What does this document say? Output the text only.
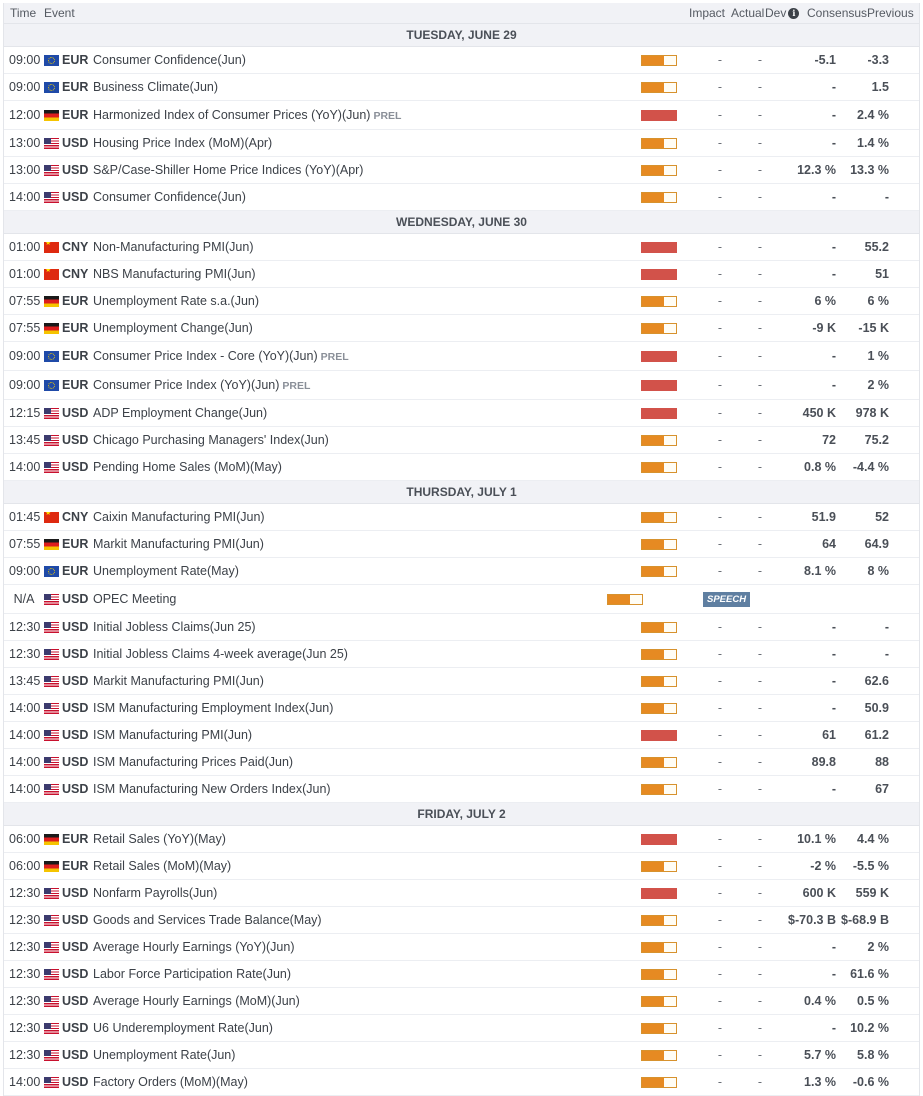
Time Event	Impact Actual Dev i Consensus Previous
TUESDAY, JUNE 29
09:00 EUR Consumer Confidence(Jun)	-	-	-5.1	-3.3
09:00 EUR Business Climate(Jun)	-	-	-	1.5
12:00 EUR Harmonized Index of Consumer Prices (YoY)(Jun) PREL	-	-	-	2.4 %
13:00 USD Housing Price Index (MoM)(Apr)	-	-	-	1.4 %
13:00 USD S&P/Case-Shiller Home Price Indices (YoY)(Apr)	-	-	12.3 %	13.3 %
14:00 USD Consumer Confidence(Jun)	-	-	-	-
WEDNESDAY, JUNE 30
01:00 ★ CNY Non-Manufacturing PMI(Jun)	-	-	-	55.2
01:00 ★ CNY NBS Manufacturing PMI(Jun)	-	-	-	51
07:55 EUR Unemployment Rate s.a.(Jun)	-	-	6 %	6 %
07:55 EUR Unemployment Change(Jun)	-	-	-9 K	-15 K
09:00 EUR Consumer Price Index - Core (YoY)(Jun) PREL	-	-	-	1 %
09:00 EUR Consumer Price Index (YoY)(Jun) PREL	-	-	-	2 %
12:15 USD ADP Employment Change(Jun)	-	-	450 K	978 K
13:45 USD Chicago Purchasing Managers' Index(Jun)	-	-	72	75.2
14:00 USD Pending Home Sales (MoM)(May)	-	-	0.8 %	-4.4 %
THURSDAY, JULY 1
01:45 ★ CNY Caixin Manufacturing PMI(Jun)	-	-	51.9	52
07:55 EUR Markit Manufacturing PMI(Jun)	-	-	64	64.9
09:00 EUR Unemployment Rate(May)	-	-	8.1 %	8 %
N/A	USD OPEC Meeting	SPEECH
12:30 USD Initial Jobless Claims(Jun 25)	-	-	-	-
12:30 USD Initial Jobless Claims 4-week average(Jun 25)	-	-	-	-
13:45 USD Markit Manufacturing PMI(Jun)	-	-	-	62.6
14:00 USD ISM Manufacturing Employment Index(Jun)	-	-	-	50.9
14:00 USD ISM Manufacturing PMI(Jun)	-	-	61	61.2
14:00 USD ISM Manufacturing Prices Paid(Jun)	-	-	89.8	88
14:00 USD ISM Manufacturing New Orders Index(Jun)	-	-	-	67
FRIDAY, JULY 2
06:00 EUR Retail Sales (YoY)(May)	-	-	10.1 %	4.4 %
06:00 EUR Retail Sales (MoM)(May)	-	-	-2 %	-5.5 %
12:30 USD Nonfarm Payrolls(Jun)	-	-	600 K	559 K
12:30 USD Goods and Services Trade Balance(May)	-	-	$-70.3 B $-68.9 B
12:30 USD Average Hourly Earnings (YoY)(Jun)	-	-	-	2 %
12:30 USD Labor Force Participation Rate(Jun)	-	-	-	61.6 %
12:30 USD Average Hourly Earnings (MoM)(Jun)	-	-	0.4 %	0.5 %
12:30 USD U6 Underemployment Rate(Jun)	-	-	-	10.2 %
12:30 USD Unemployment Rate(Jun)	-	-	5.7 %	5.8 %
14:00 USD Factory Orders (MoM)(May)	-	-	1.3 %	-0.6 %
